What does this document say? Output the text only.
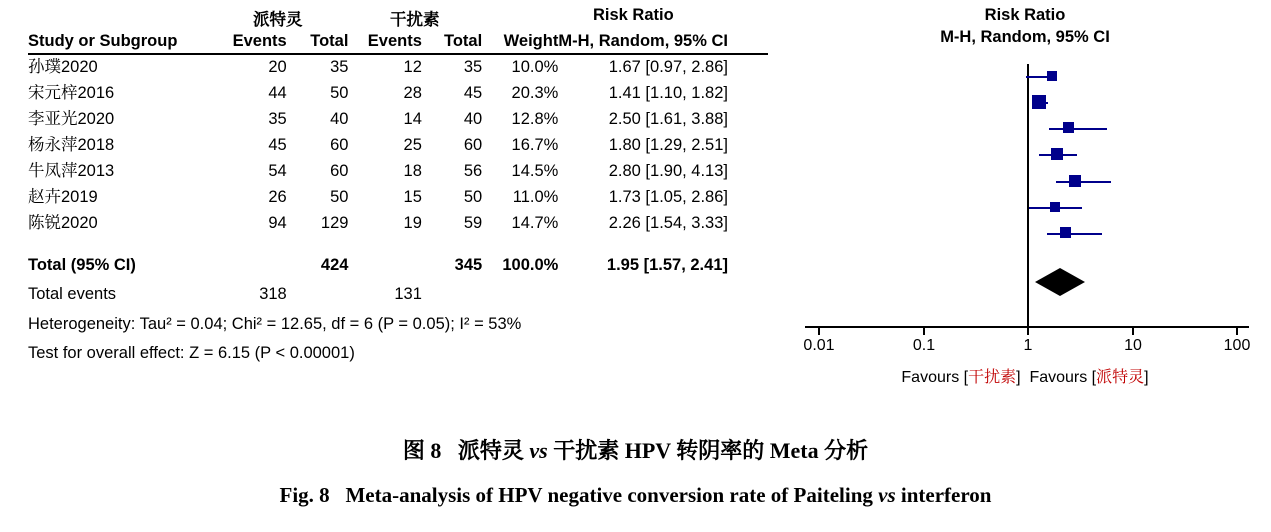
派特灵	干扰素	Risk Ratio
Study or Subgroup	Events	Total	Events	Total	Weight	M-H, Random, 95% CI
孙璞2020	20	35	12	35	10.0%	1.67 [0.97, 2.86]
宋元梓2016	44	50	28	45	20.3%	1.41 [1.10, 1.82]
李亚光2020	35	40	14	40	12.8%	2.50 [1.61, 3.88]
杨永萍2018	45	60	25	60	16.7%	1.80 [1.29, 2.51]
牛凤萍2013	54	60	18	56	14.5%	2.80 [1.90, 4.13]
赵卉2019	26	50	15	50	11.0%	1.73 [1.05, 2.86]
陈锐2020	94	129	19	59	14.7%	2.26 [1.54, 3.33]
Total (95% CI)		424		345	100.0%	1.95 [1.57, 2.41]
Total events	318		131			
Heterogeneity: Tau² = 0.04; Chi² = 12.65, df = 6 (P = 0.05); I² = 53%
Test for overall effect: Z = 6.15 (P < 0.00001)
Risk Ratio
M-H, Random, 95% CI
0.01	0.1	1	10	100
Favours [干扰素] Favours [派特灵]
图 8 派特灵 vs 干扰素 HPV 转阴率的 Meta 分析
Fig. 8 Meta-analysis of HPV negative conversion rate of Paiteling vs interferon
